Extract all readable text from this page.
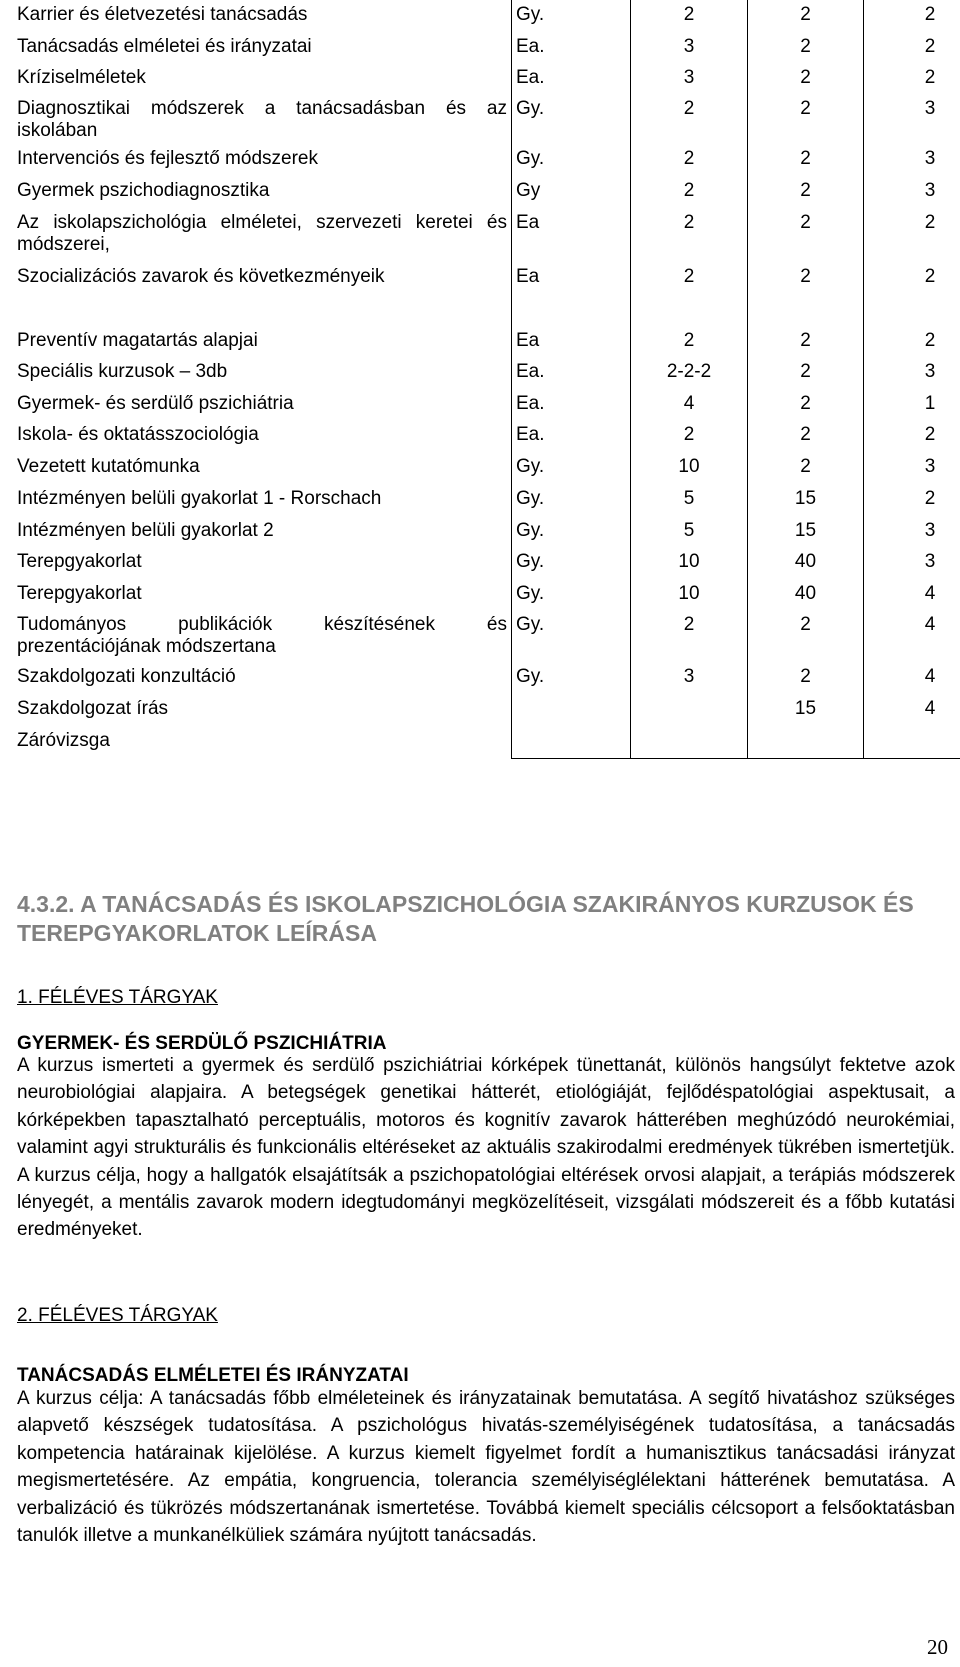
Karrier és életvezetési tanácsadás	Gy.	2	2	2
Tanácsadás elméletei és irányzatai	Ea.	3	2	2
Kríziselméletek	Ea.	3	2	2
Diagnosztikai módszerek a tanácsadásban és az iskolában	Gy.	2	2	3
Intervenciós és fejlesztő módszerek	Gy.	2	2	3
Gyermek pszichodiagnosztika	Gy	2	2	3
Az iskolapszichológia elméletei, szervezeti keretei és módszerei,	Ea	2	2	2
Szocializációs zavarok és következményeik	Ea	2	2	2

Preventív magatartás alapjai	Ea	2	2	2
Speciális kurzusok – 3db	Ea.	2-2-2	2	3
Gyermek- és serdülő pszichiátria	Ea.	4	2	1
Iskola- és oktatásszociológia	Ea.	2	2	2
Vezetett kutatómunka	Gy.	10	2	3
Intézményen belüli gyakorlat 1 - Rorschach	Gy.	5	15	2
Intézményen belüli gyakorlat 2	Gy.	5	15	3
Terepgyakorlat	Gy.	10	40	3
Terepgyakorlat	Gy.	10	40	4
Tudományos publikációk készítésének és prezentációjának módszertana	Gy.	2	2	4
Szakdolgozati konzultáció	Gy.	3	2	4
Szakdolgozat írás			15	4
Záróvizsga				
4.3.2. A TANÁCSADÁS ÉS ISKOLAPSZICHOLÓGIA SZAKIRÁNYOS KURZUSOK ÉS TEREPGYAKORLATOK LEÍRÁSA

1. FÉLÉVES TÁRGYAK

GYERMEK- ÉS SERDÜLŐ PSZICHIÁTRIA

A kurzus ismerteti a gyermek és serdülő pszichiátriai kórképek tünettanát, különös hangsúlyt fektetve azok neurobiológiai alapjaira. A betegségek genetikai hátterét, etiológiáját, fejlődéspatológiai aspektusait, a kórképekben tapasztalható perceptuális, motoros és kognitív zavarok hátterében meghúzódó neurokémiai, valamint agyi strukturális és funkcionális eltéréseket az aktuális szakirodalmi eredmények tükrében ismertetjük. A kurzus célja, hogy a hallgatók elsajátítsák a pszichopatológiai eltérések orvosi alapjait, a terápiás módszerek lényegét, a mentális zavarok modern idegtudományi megközelítéseit, vizsgálati módszereit és a főbb kutatási eredményeket.

2. FÉLÉVES TÁRGYAK

TANÁCSADÁS ELMÉLETEI ÉS IRÁNYZATAI

A kurzus célja: A tanácsadás főbb elméleteinek és irányzatainak bemutatása. A segítő hivatáshoz szükséges alapvető készségek tudatosítása. A pszichológus hivatás-személyiségének tudatosítása, a tanácsadás kompetencia határainak kijelölése. A kurzus kiemelt figyelmet fordít a humanisztikus tanácsadási irányzat megismertetésére. Az empátia, kongruencia, tolerancia személyiséglélektani hátterének bemutatása. A verbalizáció és tükrözés módszertanának ismertetése. Továbbá kiemelt speciális célcsoport a felsőoktatásban tanulók illetve a munkanélküliek számára nyújtott tanácsadás.

20
